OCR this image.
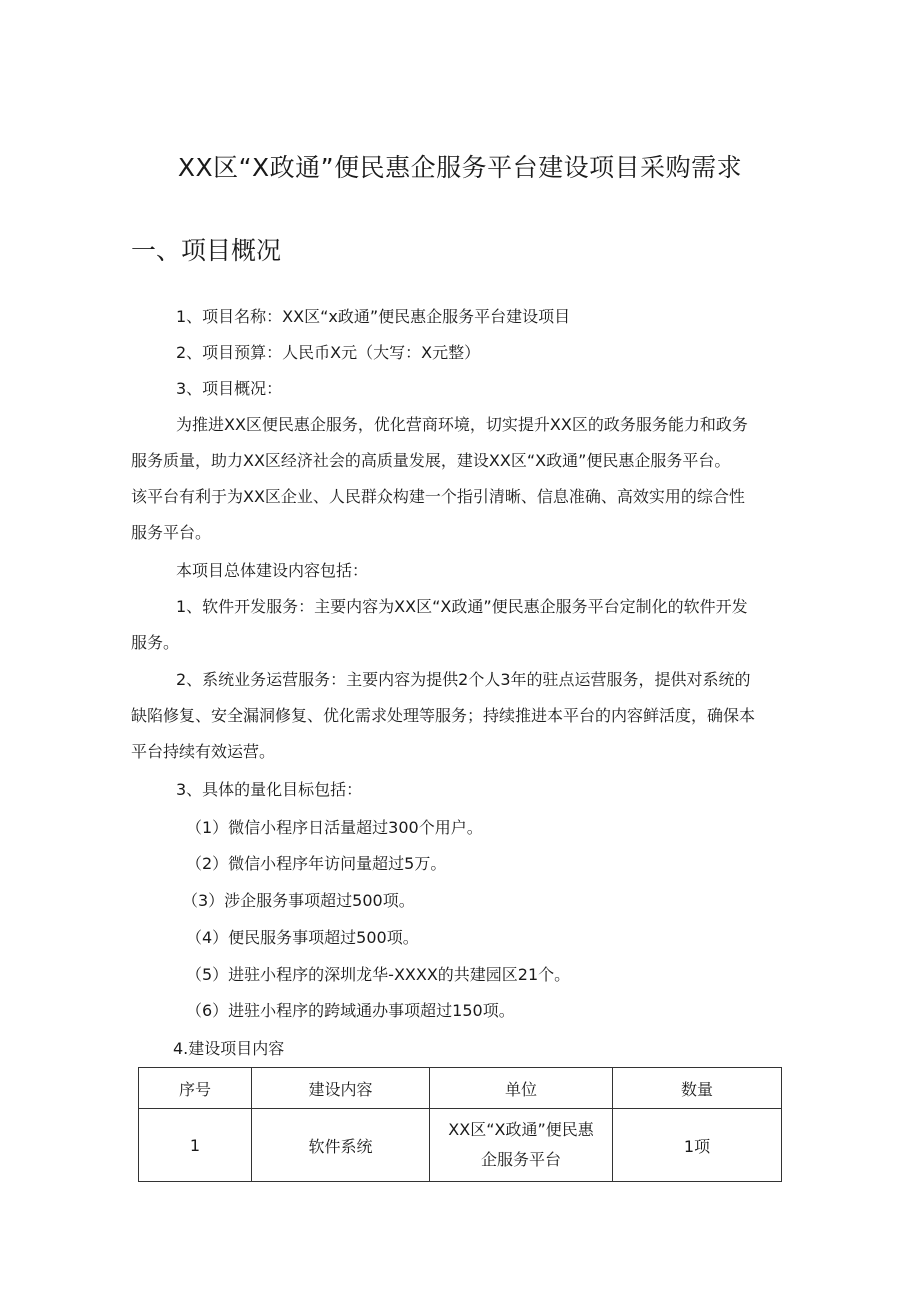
XX区“X政通”便民惠企服务平台建设项目采购需求
一、项目概况
1、项目名称：XX区“x政通”便民惠企服务平台建设项目
2、项目预算：人民币X元（大写：X元整）
3、项目概况：
为推进XX区便民惠企服务，优化营商环境，切实提升XX区的政务服务能力和政务
服务质量，助力XX区经济社会的高质量发展，建设XX区“X政通”便民惠企服务平台。
该平台有利于为XX区企业、人民群众构建一个指引清晰、信息准确、高效实用的综合性
服务平台。
本项目总体建设内容包括：
1、软件开发服务：主要内容为XX区“X政通”便民惠企服务平台定制化的软件开发
服务。
2、系统业务运营服务：主要内容为提供2个人3年的驻点运营服务，提供对系统的
缺陷修复、安全漏洞修复、优化需求处理等服务；持续推进本平台的内容鲜活度，确保本
平台持续有效运营。
3、具体的量化目标包括：
（1）微信小程序日活量超过300个用户。
（2）微信小程序年访问量超过5万。
（3）涉企服务事项超过500项。
（4）便民服务事项超过500项。
（5）进驻小程序的深圳龙华-XXXX的共建园区21个。
（6）进驻小程序的跨域通办事项超过150项。
4.建设项目内容
序号	建设内容	单位	数量
1	软件系统	XX区“X政通”便民惠
企服务平台	1项
